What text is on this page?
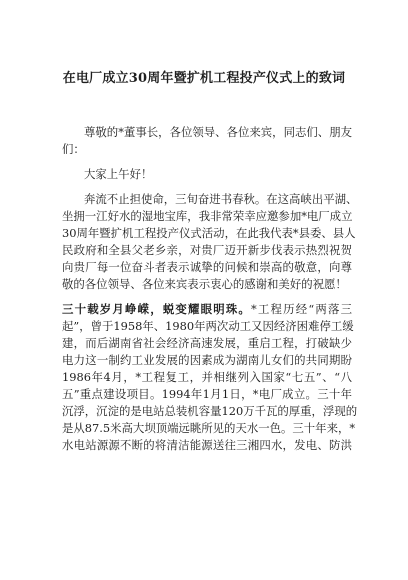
在电厂成立30周年暨扩机工程投产仪式上的致词
尊敬的*董事长，各位领导、各位来宾，同志们、朋友
们：
大家上午好！
奔流不止担使命，三旬奋进书春秋。在这高峡出平湖、
坐拥一江好水的湿地宝库，我非常荣幸应邀参加*电厂成立
30周年暨扩机工程投产仪式活动，在此我代表*县委、县人
民政府和全县父老乡亲，对贵厂迈开新步伐表示热烈祝贺
向贵厂每一位奋斗者表示诚挚的问候和崇高的敬意，向尊
敬的各位领导、各位来宾表示衷心的感谢和美好的祝愿！
三十载岁月峥嵘，蜕变耀眼明珠。*工程历经“两落三
起”，曾于1958年、1980年两次动工又因经济困难停工缓
建，而后湖南省社会经济高速发展，重启工程，打破缺少
电力这一制约工业发展的因素成为湖南儿女们的共同期盼
1986年4月，*工程复工，并相继列入国家“七五”、“八
五”重点建设项目。1994年1月1日，*电厂成立。三十年
沉浮，沉淀的是电站总装机容量120万千瓦的厚重，浮现的
是从87.5米高大坝顶端远眺所见的天水一色。三十年来，*
水电站源源不断的将清洁能源送往三湘四水，发电、防洪
